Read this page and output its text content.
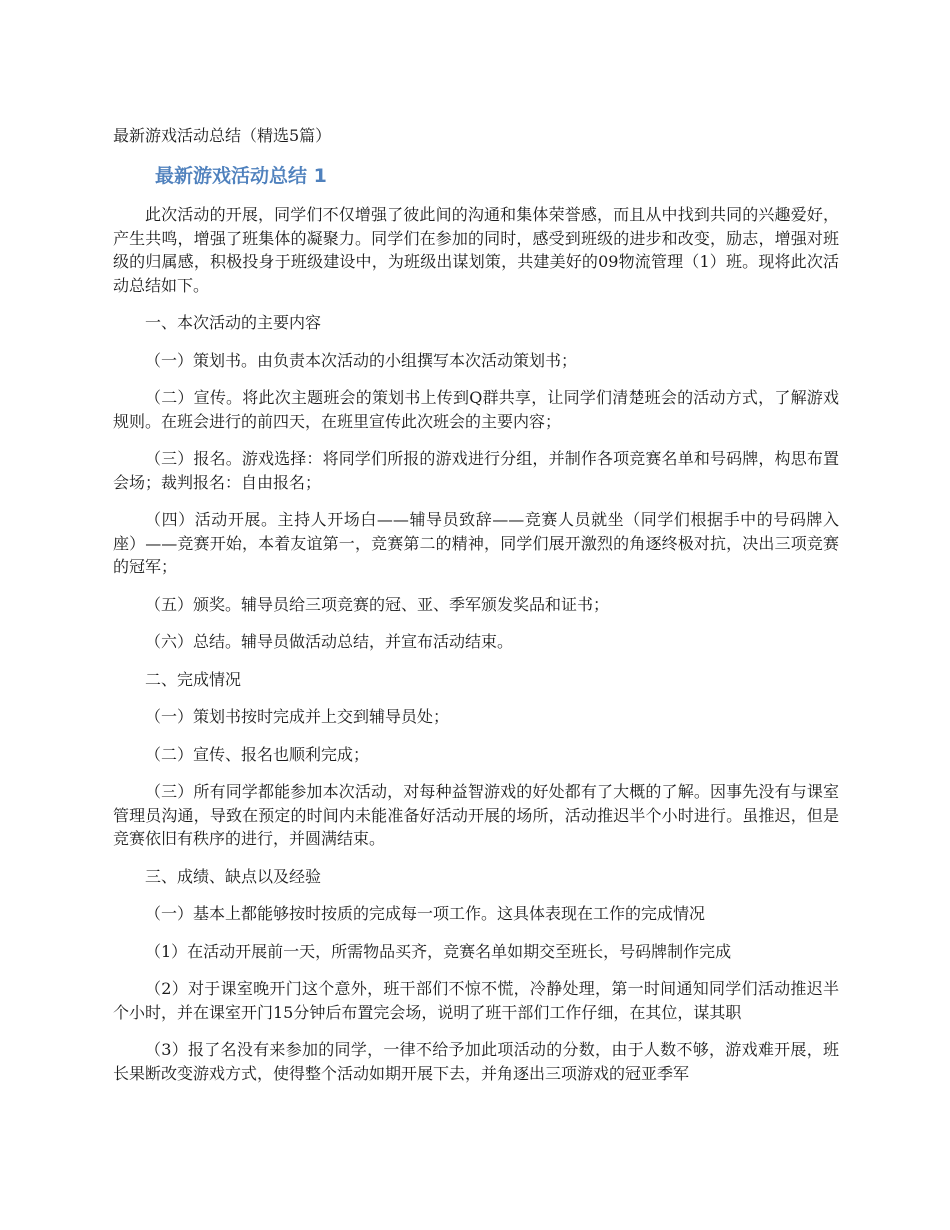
最新游戏活动总结（精选5篇）
最新游戏活动总结 1

此次活动的开展，同学们不仅增强了彼此间的沟通和集体荣誉感，而且从中找到共同的兴趣爱好，产生共鸣，增强了班集体的凝聚力。同学们在参加的同时，感受到班级的进步和改变，励志，增强对班级的归属感，积极投身于班级建设中，为班级出谋划策，共建美好的09物流管理（1）班。现将此次活动总结如下。

一、本次活动的主要内容

（一）策划书。由负责本次活动的小组撰写本次活动策划书；

（二）宣传。将此次主题班会的策划书上传到Q群共享，让同学们清楚班会的活动方式，了解游戏规则。在班会进行的前四天，在班里宣传此次班会的主要内容；

（三）报名。游戏选择：将同学们所报的游戏进行分组，并制作各项竞赛名单和号码牌，构思布置会场；裁判报名：自由报名；

（四）活动开展。主持人开场白——辅导员致辞——竞赛人员就坐（同学们根据手中的号码牌入座）——竞赛开始，本着友谊第一，竞赛第二的精神，同学们展开激烈的角逐终极对抗，决出三项竞赛的冠军；

（五）颁奖。辅导员给三项竞赛的冠、亚、季军颁发奖品和证书；

（六）总结。辅导员做活动总结，并宣布活动结束。

二、完成情况

（一）策划书按时完成并上交到辅导员处；

（二）宣传、报名也顺利完成；

（三）所有同学都能参加本次活动，对每种益智游戏的好处都有了大概的了解。因事先没有与课室管理员沟通，导致在预定的时间内未能准备好活动开展的场所，活动推迟半个小时进行。虽推迟，但是竞赛依旧有秩序的进行，并圆满结束。

三、成绩、缺点以及经验

（一）基本上都能够按时按质的完成每一项工作。这具体表现在工作的完成情况

（1）在活动开展前一天，所需物品买齐，竞赛名单如期交至班长，号码牌制作完成

（2）对于课室晚开门这个意外，班干部们不惊不慌，冷静处理，第一时间通知同学们活动推迟半个小时，并在课室开门15分钟后布置完会场，说明了班干部们工作仔细，在其位，谋其职

（3）报了名没有来参加的同学，一律不给予加此项活动的分数，由于人数不够，游戏难开展，班长果断改变游戏方式，使得整个活动如期开展下去，并角逐出三项游戏的冠亚季军
